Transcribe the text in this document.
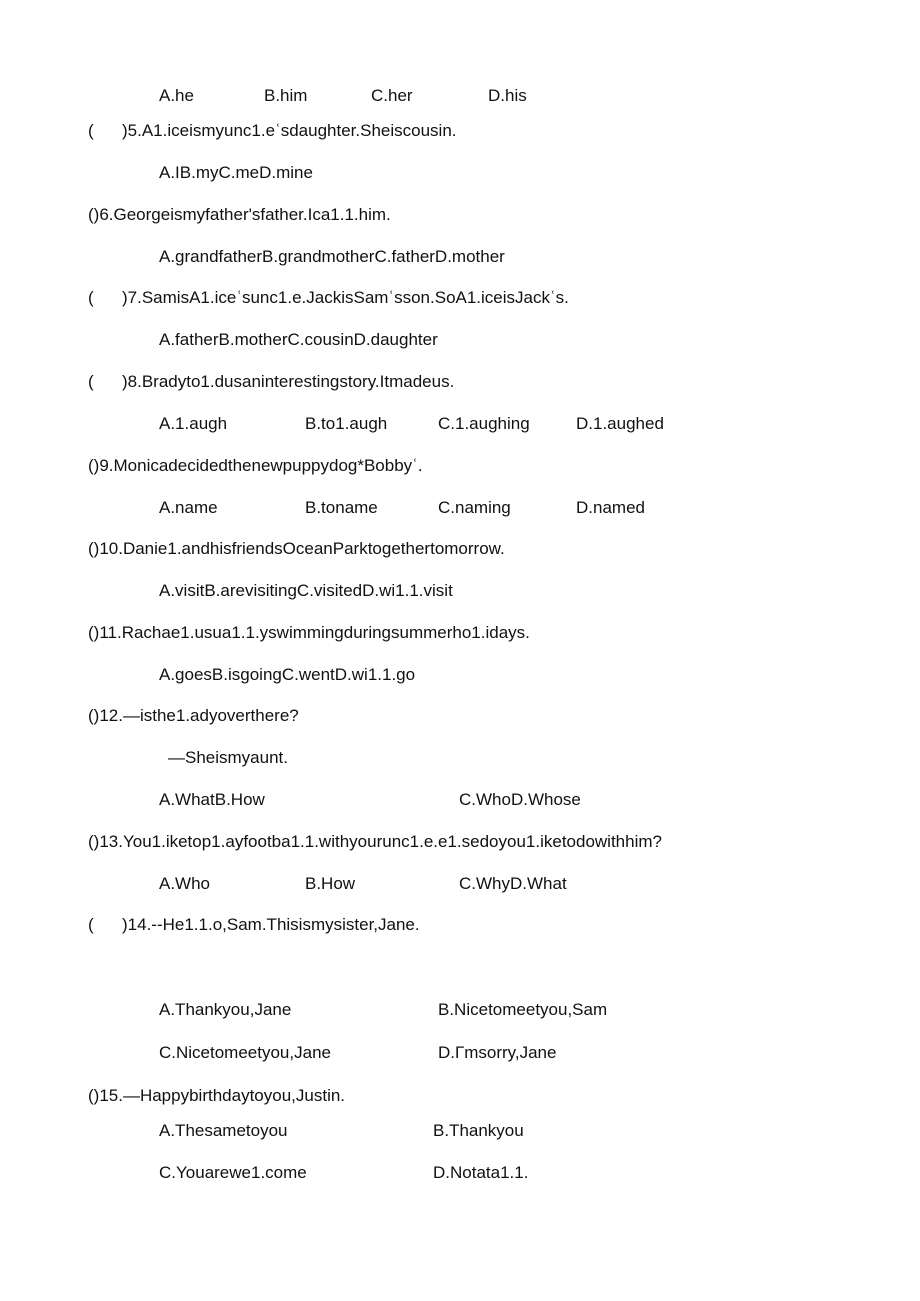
A.he	B.him	C.her	D.his
(      )5.A1.iceismyunc1.eʿsdaughter.Sheiscousin.
A.IB.myC.meD.mine
()6.Georgeismyfather'sfather.Ica1.1.him.
A.grandfatherB.grandmotherC.fatherD.mother
(      )7.SamisA1.iceʿsunc1.e.JackisSamʿsson.SoA1.iceisJackʿs.
A.fatherB.motherC.cousinD.daughter
(      )8.Bradyto1.dusaninterestingstory.Itmadeus.
A.1.augh	B.to1.augh	C.1.aughing	D.1.aughed
()9.Monicadecidedthenewpuppydog*Bobbyʿ.
A.name	B.toname	C.naming	D.named
()10.Danie1.andhisfriendsOceanParktogethertomorrow.
A.visitB.arevisitingC.visitedD.wi1.1.visit
()11.Rachae1.usua1.1.yswimmingduringsummerho1.idays.
A.goesB.isgoingC.wentD.wi1.1.go
()12.—isthe1.adyoverthere?
—Sheismyaunt.
A.WhatB.How	C.WhoD.Whose
()13.You1.iketop1.ayfootba1.1.withyourunc1.e.e1.sedoyou1.iketodowithhim?
A.Who	B.How	C.WhyD.What
(      )14.--He1.1.o,Sam.Thisismysister,Jane.
A.Thankyou,Jane	B.Nicetomeetyou,Sam
C.Nicetomeetyou,Jane	D.Гmsorry,Jane
()15.—Happybirthdaytoyou,Justin.
A.Thesametoyou	B.Thankyou
C.Youarewe1.come	D.Notata1.1.
